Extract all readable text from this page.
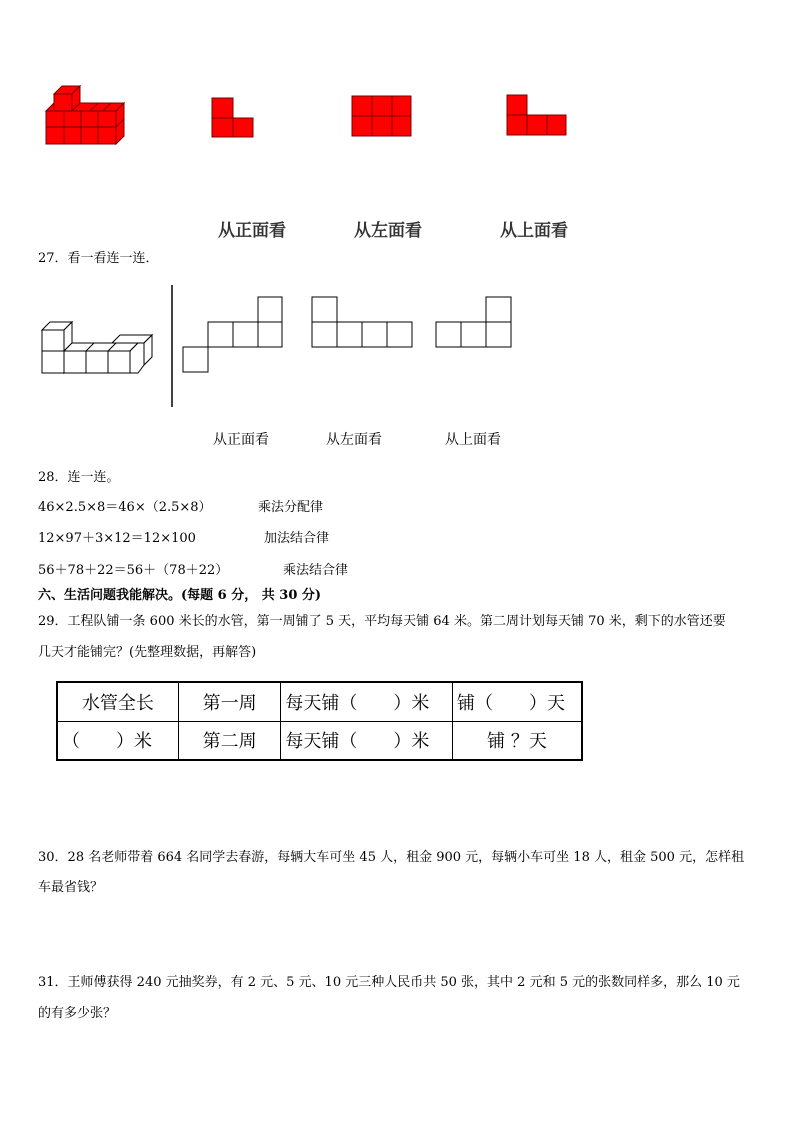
从正面看	从左面看	从上面看
27．看一看连一连．
从正面看	从左面看	从上面看
28．连一连。
46×2.5×8＝46×（2.5×8）	乘法分配律
12×97＋3×12＝12×100	加法结合律
56＋78＋22＝56＋（78＋22）	乘法结合律
六、生活问题我能解决。(每题 6 分， 共 30 分)
29．工程队铺一条 600 米长的水管，第一周铺了 5 天，平均每天铺 64 米。第二周计划每天铺 70 米，剩下的水管还要
几天才能铺完？(先整理数据，再解答)
水管全长	第一周	每天铺（　　）米	铺（　　）天
（　　）米	第二周	每天铺（　　）米	铺 ？天
30．28 名老师带着 664 名同学去春游，每辆大车可坐 45 人，租金 900 元，每辆小车可坐 18 人，租金 500 元，怎样租
车最省钱？
31．王师傅获得 240 元抽奖券，有 2 元、5 元、10 元三种人民币共 50 张，其中 2 元和 5 元的张数同样多，那么 10 元
的有多少张？
